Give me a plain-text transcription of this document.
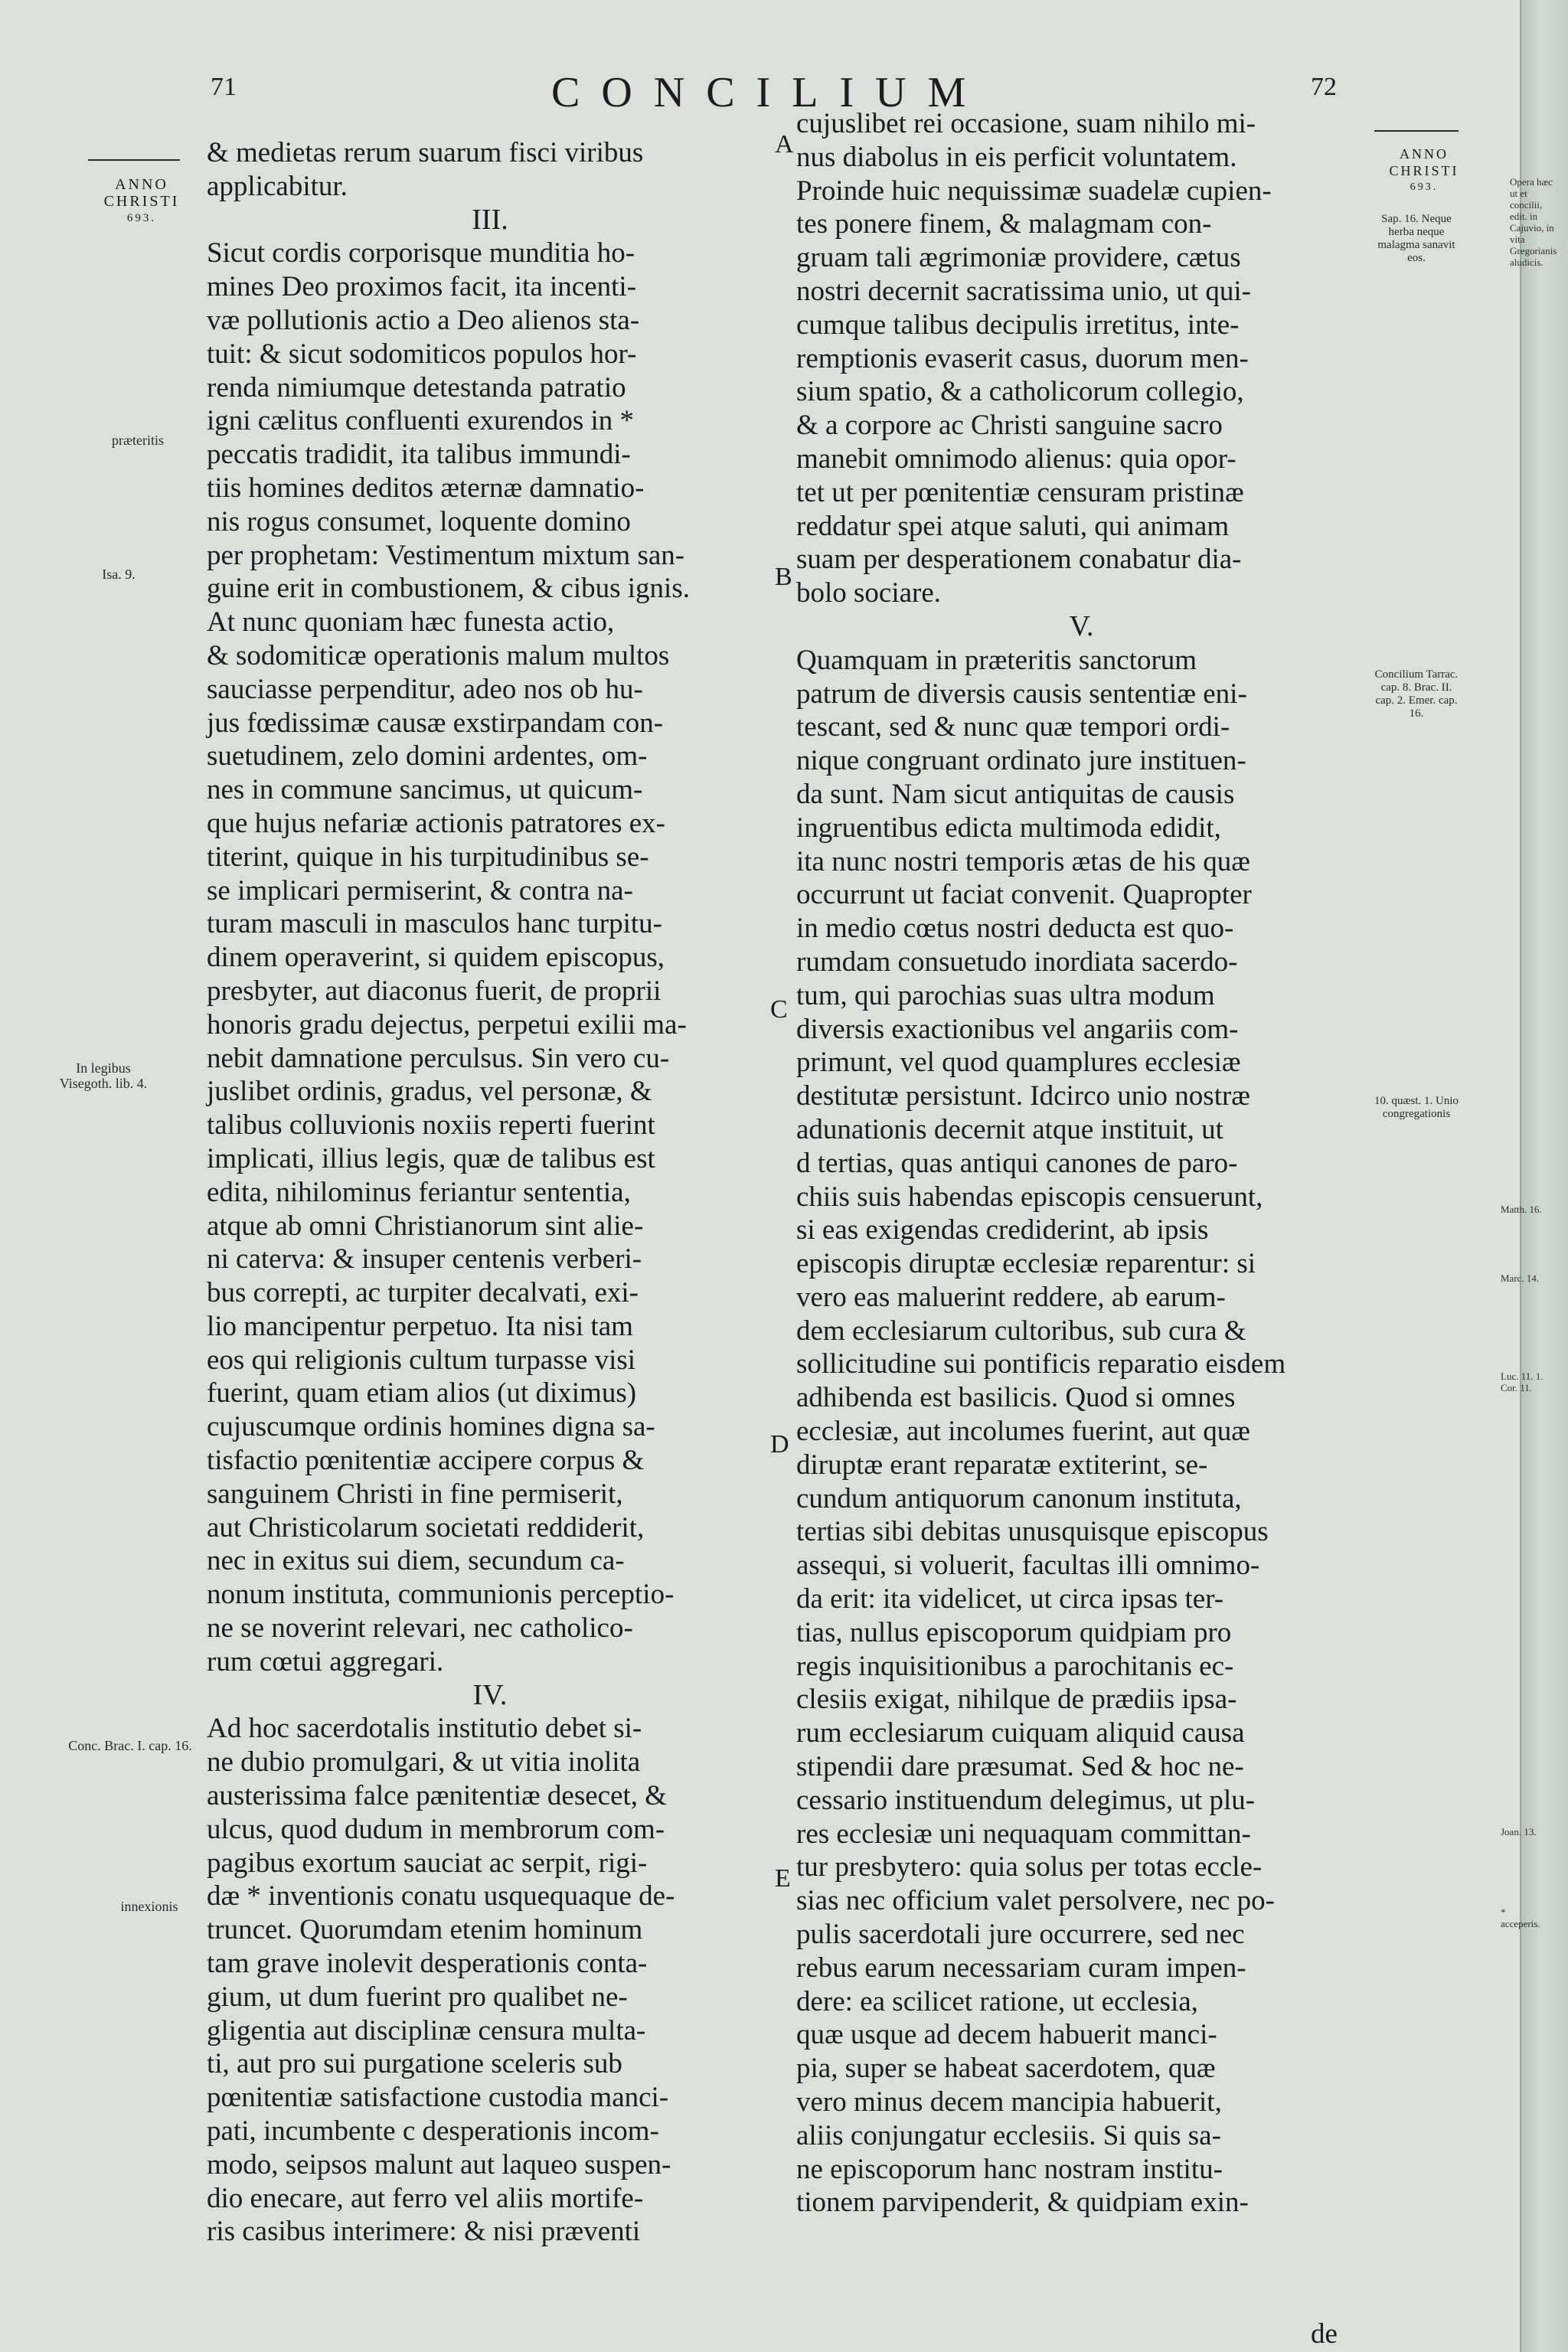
71	CONCILIUM	72
ANNO
CHRISTI
693.
ANNO
CHRISTI
693.
& medietas rerum suarum fisci viribus
applicabitur.
III.
Sicut cordis corporisque munditia ho-
mines Deo proximos facit, ita incenti-
væ pollutionis actio a Deo alienos sta-
tuit: & sicut sodomiticos populos hor-
renda nimiumque detestanda patratio
igni cælitus confluenti exurendos in *
peccatis tradidit, ita talibus immundi-
tiis homines deditos æternæ damnatio-
nis rogus consumet, loquente domino
per prophetam: Vestimentum mixtum san-
guine erit in combustionem, & cibus ignis.
At nunc quoniam hæc funesta actio,
& sodomiticæ operationis malum multos
sauciasse perpenditur, adeo nos ob hu-
jus fœdissimæ causæ exstirpandam con-
suetudinem, zelo domini ardentes, om-
nes in commune sancimus, ut quicum-
que hujus nefariæ actionis patratores ex-
titerint, quique in his turpitudinibus se-
se implicari permiserint, & contra na-
turam masculi in masculos hanc turpitu-
dinem operaverint, si quidem episcopus,
presbyter, aut diaconus fuerit, de proprii
honoris gradu dejectus, perpetui exilii ma-
nebit damnatione perculsus. Sin vero cu-
juslibet ordinis, gradus, vel personæ, &
talibus colluvionis noxiis reperti fuerint
implicati, illius legis, quæ de talibus est
edita, nihilominus feriantur sententia,
atque ab omni Christianorum sint alie-
ni caterva: & insuper centenis verberi-
bus correpti, ac turpiter decalvati, exi-
lio mancipentur perpetuo. Ita nisi tam
eos qui religionis cultum turpasse visi
fuerint, quam etiam alios (ut diximus)
cujuscumque ordinis homines digna sa-
tisfactio pœnitentiæ accipere corpus &
sanguinem Christi in fine permiserit,
aut Christicolarum societati reddiderit,
nec in exitus sui diem, secundum ca-
nonum instituta, communionis perceptio-
ne se noverint relevari, nec catholico-
rum cœtui aggregari.
IV.
Ad hoc sacerdotalis institutio debet si-
ne dubio promulgari, & ut vitia inolita
austerissima falce pænitentiæ desecet, &
ulcus, quod dudum in membrorum com-
pagibus exortum sauciat ac serpit, rigi-
dæ * inventionis conatu usquequaque de-
truncet. Quorumdam etenim hominum
tam grave inolevit desperationis conta-
gium, ut dum fuerint pro qualibet ne-
gligentia aut disciplinæ censura multa-
ti, aut pro sui purgatione sceleris sub
pœnitentiæ satisfactione custodia manci-
pati, incumbente c desperationis incom-
modo, seipsos malunt aut laqueo suspen-
dio enecare, aut ferro vel aliis mortife-
ris casibus interimere: & nisi præventi
cujuslibet rei occasione, suam nihilo mi-
nus diabolus in eis perficit voluntatem.
Proinde huic nequissimæ suadelæ cupien-
tes ponere finem, & malagmam con-
gruam tali ægrimoniæ providere, cætus
nostri decernit sacratissima unio, ut qui-
cumque talibus decipulis irretitus, inte-
remptionis evaserit casus, duorum men-
sium spatio, & a catholicorum collegio,
& a corpore ac Christi sanguine sacro
manebit omnimodo alienus: quia opor-
tet ut per pœnitentiæ censuram pristinæ
reddatur spei atque saluti, qui animam
suam per desperationem conabatur dia-
bolo sociare.
V.
Quamquam in præteritis sanctorum
patrum de diversis causis sententiæ eni-
tescant, sed & nunc quæ tempori ordi-
nique congruant ordinato jure instituen-
da sunt. Nam sicut antiquitas de causis
ingruentibus edicta multimoda edidit,
ita nunc nostri temporis ætas de his quæ
occurrunt ut faciat convenit. Quapropter
in medio cœtus nostri deducta est quo-
rumdam consuetudo inordiata sacerdo-
tum, qui parochias suas ultra modum
diversis exactionibus vel angariis com-
primunt, vel quod quamplures ecclesiæ
destitutæ persistunt. Idcirco unio nostræ
adunationis decernit atque instituit, ut
d tertias, quas antiqui canones de paro-
chiis suis habendas episcopis censuerunt,
si eas exigendas crediderint, ab ipsis
episcopis diruptæ ecclesiæ reparentur: si
vero eas maluerint reddere, ab earum-
dem ecclesiarum cultoribus, sub cura &
sollicitudine sui pontificis reparatio eisdem
adhibenda est basilicis. Quod si omnes
ecclesiæ, aut incolumes fuerint, aut quæ
diruptæ erant reparatæ extiterint, se-
cundum antiquorum canonum instituta,
tertias sibi debitas unusquisque episcopus
assequi, si voluerit, facultas illi omnimo-
da erit: ita videlicet, ut circa ipsas ter-
tias, nullus episcoporum quidpiam pro
regis inquisitionibus a parochitanis ec-
clesiis exigat, nihilque de prædiis ipsa-
rum ecclesiarum cuiquam aliquid causa
stipendii dare præsumat. Sed & hoc ne-
cessario instituendum delegimus, ut plu-
res ecclesiæ uni nequaquam committan-
tur presbytero: quia solus per totas eccle-
sias nec officium valet persolvere, nec po-
pulis sacerdotali jure occurrere, sed nec
rebus earum necessariam curam impen-
dere: ea scilicet ratione, ut ecclesia,
quæ usque ad decem habuerit manci-
pia, super se habeat sacerdotem, quæ
vero minus decem mancipia habuerit,
aliis conjungatur ecclesiis. Si quis sa-
ne episcoporum hanc nostram institu-
tionem parvipenderit, & quidpiam exin-
de
A
B
C
D
E
præteritis
Isa. 9.
In legibus Visegoth. lib. 4.
Conc. Brac. I. cap. 16.
innexionis
Sap. 16. Neque herba neque malagma sanavit eos.
Concilium Tarrac. cap. 8. Brac. II. cap. 2. Emer. cap. 16.
10. quæst. 1. Unio congregationis
Opera hæc ut et concilii, edit. in Cajuvio, in vita Gregorianis aludicis.
Matth. 16.
Marc. 14.
Luc. 11. 1. Cor. 11.
Joan. 13.
* acceperis.
